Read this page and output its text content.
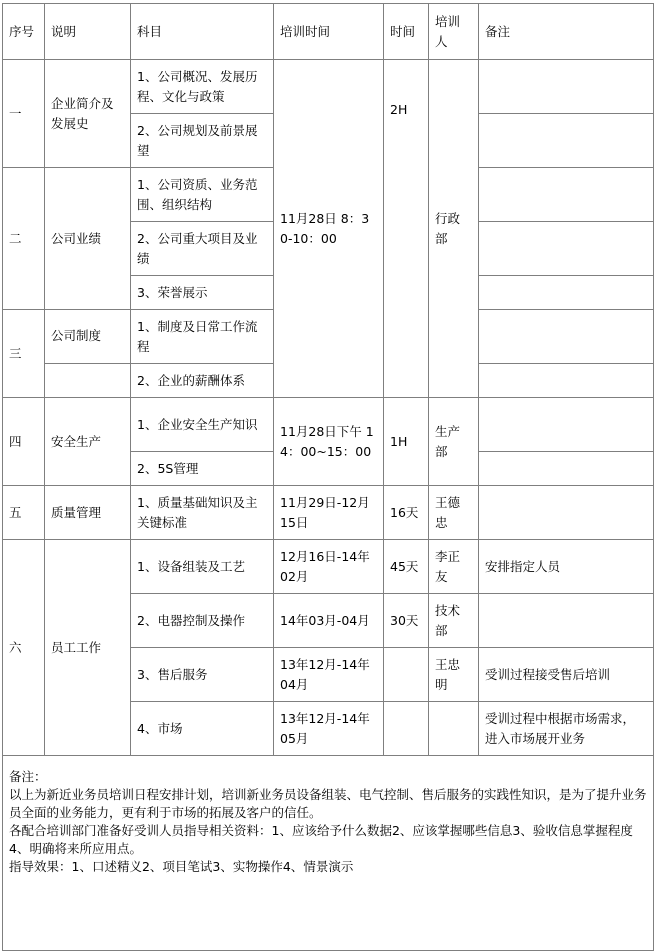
序号	说明	科目	培训时间	时间	培训人	备注
一	企业简介及发展史	1、公司概况、发展历程、文化与政策	11月28日 8：30-10：00	2H	行政部	
		2、公司规划及前景展望				
二	公司业绩	1、公司资质、业务范围、组织结构				
		2、公司重大项目及业绩				
		3、荣誉展示				
三	公司制度	1、制度及日常工作流程				
		2、企业的薪酬体系				
四	安全生产	1、企业安全生产知识	11月28日下午 14：00~15：00	1H	生产部	
		2、5S管理				
五	质量管理	1、质量基础知识及主关键标准	11月29日-12月15日	16天	王德忠	
六	员工工作	1、设备组装及工艺	12月16日-14年02月	45天	李正友	安排指定人员
		2、电器控制及操作	14年03月-04月	30天	技术部	
		3、售后服务	13年12月-14年04月		王忠明	受训过程接受售后培训
		4、市场	13年12月-14年05月			受训过程中根据市场需求，进入市场展开业务

备注：
以上为新近业务员培训日程安排计划，培训新业务员设备组装、电气控制、售后服务的实践性知识，是为了提升业务员全面的业务能力，更有利于市场的拓展及客户的信任。
各配合培训部门准备好受训人员指导相关资料：1、应该给予什么数据2、应该掌握哪些信息3、验收信息掌握程度4、明确将来所应用点。
指导效果：1、口述精义2、项目笔试3、实物操作4、情景演示						
